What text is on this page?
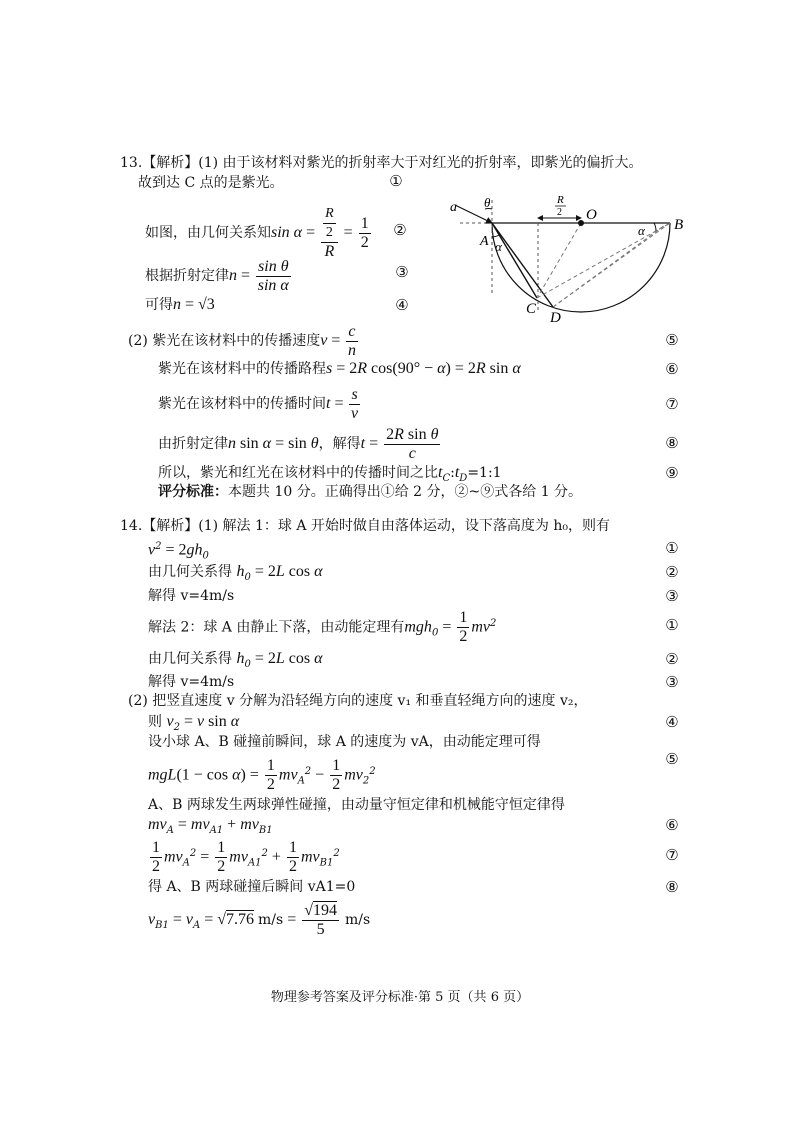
13.【解析】(1) 由于该材料对紫光的折射率大于对红光的折射率，即紫光的偏折大。
故到达 C 点的是紫光。	①
如图，由几何关系知$\sin \alpha = \frac{\frac{R}{2}}{R} = \frac{1}{2}$ ②
根据折射定律$n = \frac{\text{sin θ}}{\text{sin α}}$	③
可得n = √3	④
a θ
A α
C
D
O
B
α
R
2
(2) 紫光在该材料中的传播速度$v = \frac{c}{n}$	⑤
紫光在该材料中的传播路程s = 2R cos(90° − α) = 2R sin α	⑥
紫光在该材料中的传播时间$t = \frac{s}{v}$	⑦
由折射定律n sin α = sin θ，解得$t = \frac{\text{2R sin θ}}{c}$	⑧
所以，紫光和红光在该材料中的传播时间之比$t_C:t_D=1:1$	⑨
评分标准：本题共 10 分。正确得出①给 2 分，②~⑨式各给 1 分。
14.【解析】(1) 解法 1：球 A 开始时做自由落体运动，设下落高度为 h₀，则有
$v^2 = 2gh_0$	①
由几何关系得 $h_0 = 2L$ cos α	②
解得 v=4m/s	③
解法 2：球 A 由静止下落，由动能定理有$mgh_0 = \frac{1}{2} mv^2$	①
由几何关系得 $h_0 = 2L$ cos α	②
解得 v=4m/s	③
(2) 把竖直速度 v 分解为沿轻绳方向的速度 v₁ 和垂直轻绳方向的速度 v₂，
则 $v_2 = v$ sin α	④
设小球 A、B 碰撞前瞬间，球 A 的速度为 vA，由动能定理可得
$mgL(1 - \cos \alpha) = \frac{1}{2} mv_A^2 - \frac{1}{2} mv_2^2$
⑤
A、B 两球发生两球弹性碰撞，由动量守恒定律和机械能守恒定律得
$mv_A = mv_{A1} + mv_{B1}$	⑥
$\frac{1}{2} mv_A^2 = \frac{1}{2} mv_{A1}^2 + \frac{1}{2} mv_{B1}^2$	⑦
得 A、B 两球碰撞后瞬间 vA1=0	⑧
$v_{B1} = v_A = √7.76$ $m/s = \frac{√194}{5} m/s$
物理参考答案及评分标准·第 5 页（共 6 页）
